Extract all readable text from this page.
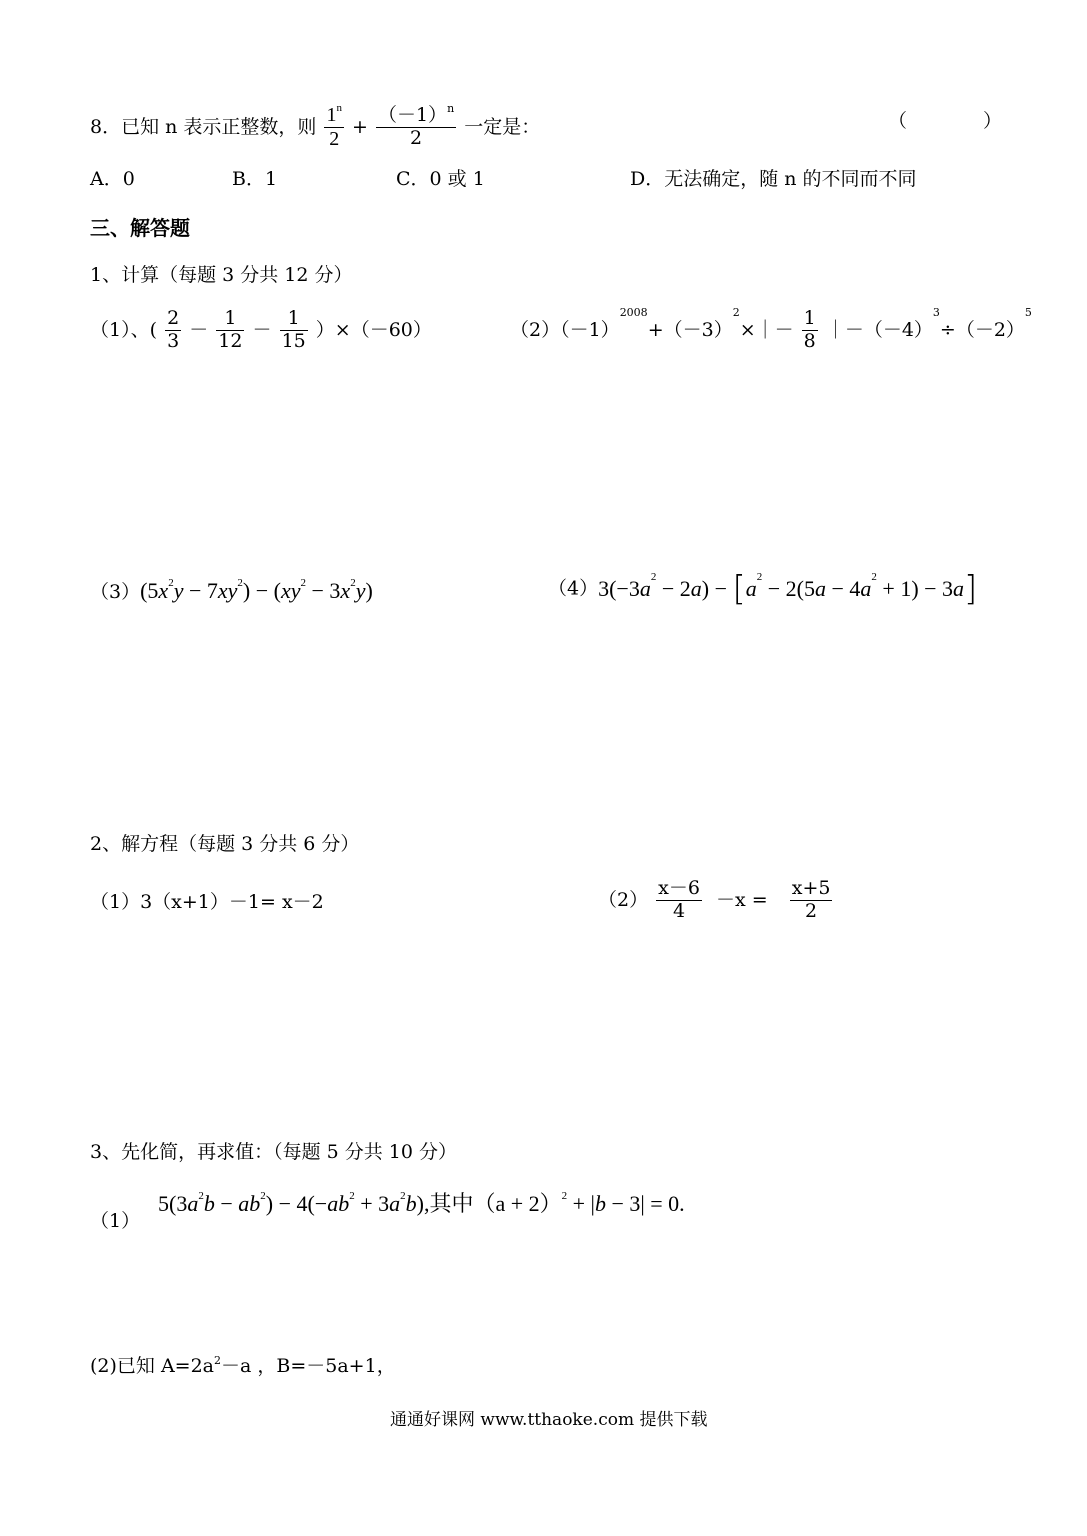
8．已知 n 表示正整数，则 $\frac{1^n}{2} + \frac{(-1)^n}{2}$ 一定是：	（　　　　）
A．0	B．1	C．0 或 1	D．无法确定，随 n 的不同而不同
三、解答题
1、计算（每题 3 分共 12 分）
（1）、( $\frac{2}{3} - \frac{1}{12} - \frac{1}{15} )\times(-60)$	$(2)(-1)^{2008}+(-3)^2\times|- \frac{1}{8}$ $|-(-4)^3\div(-2)^5$
$(3)(5x^2y - 7xy^2) - (xy^2 - 3x^2y)$	$(4)3(-3a^2 - 2a) - [a^2 - 2(5a - 4a^2 + 1) - 3a]$
2、解方程（每题 3 分共 6 分）
（1）3（x+1）－1= x－2	$(2) \frac{x-6}{4} -x = \frac{x+5}{2}$
3、先化简，再求值：（每题 5 分共 10 分）
（1）
$5(3a^2b - ab^2) - 4(-ab^2 + 3a^2b)$,其中$(a + 2)^2 + |b - 3| = 0$.
(2)已知 $A=2a^2-a$ ，B=－5a+1，
通通好课网 www.tthaoke.com 提供下载
